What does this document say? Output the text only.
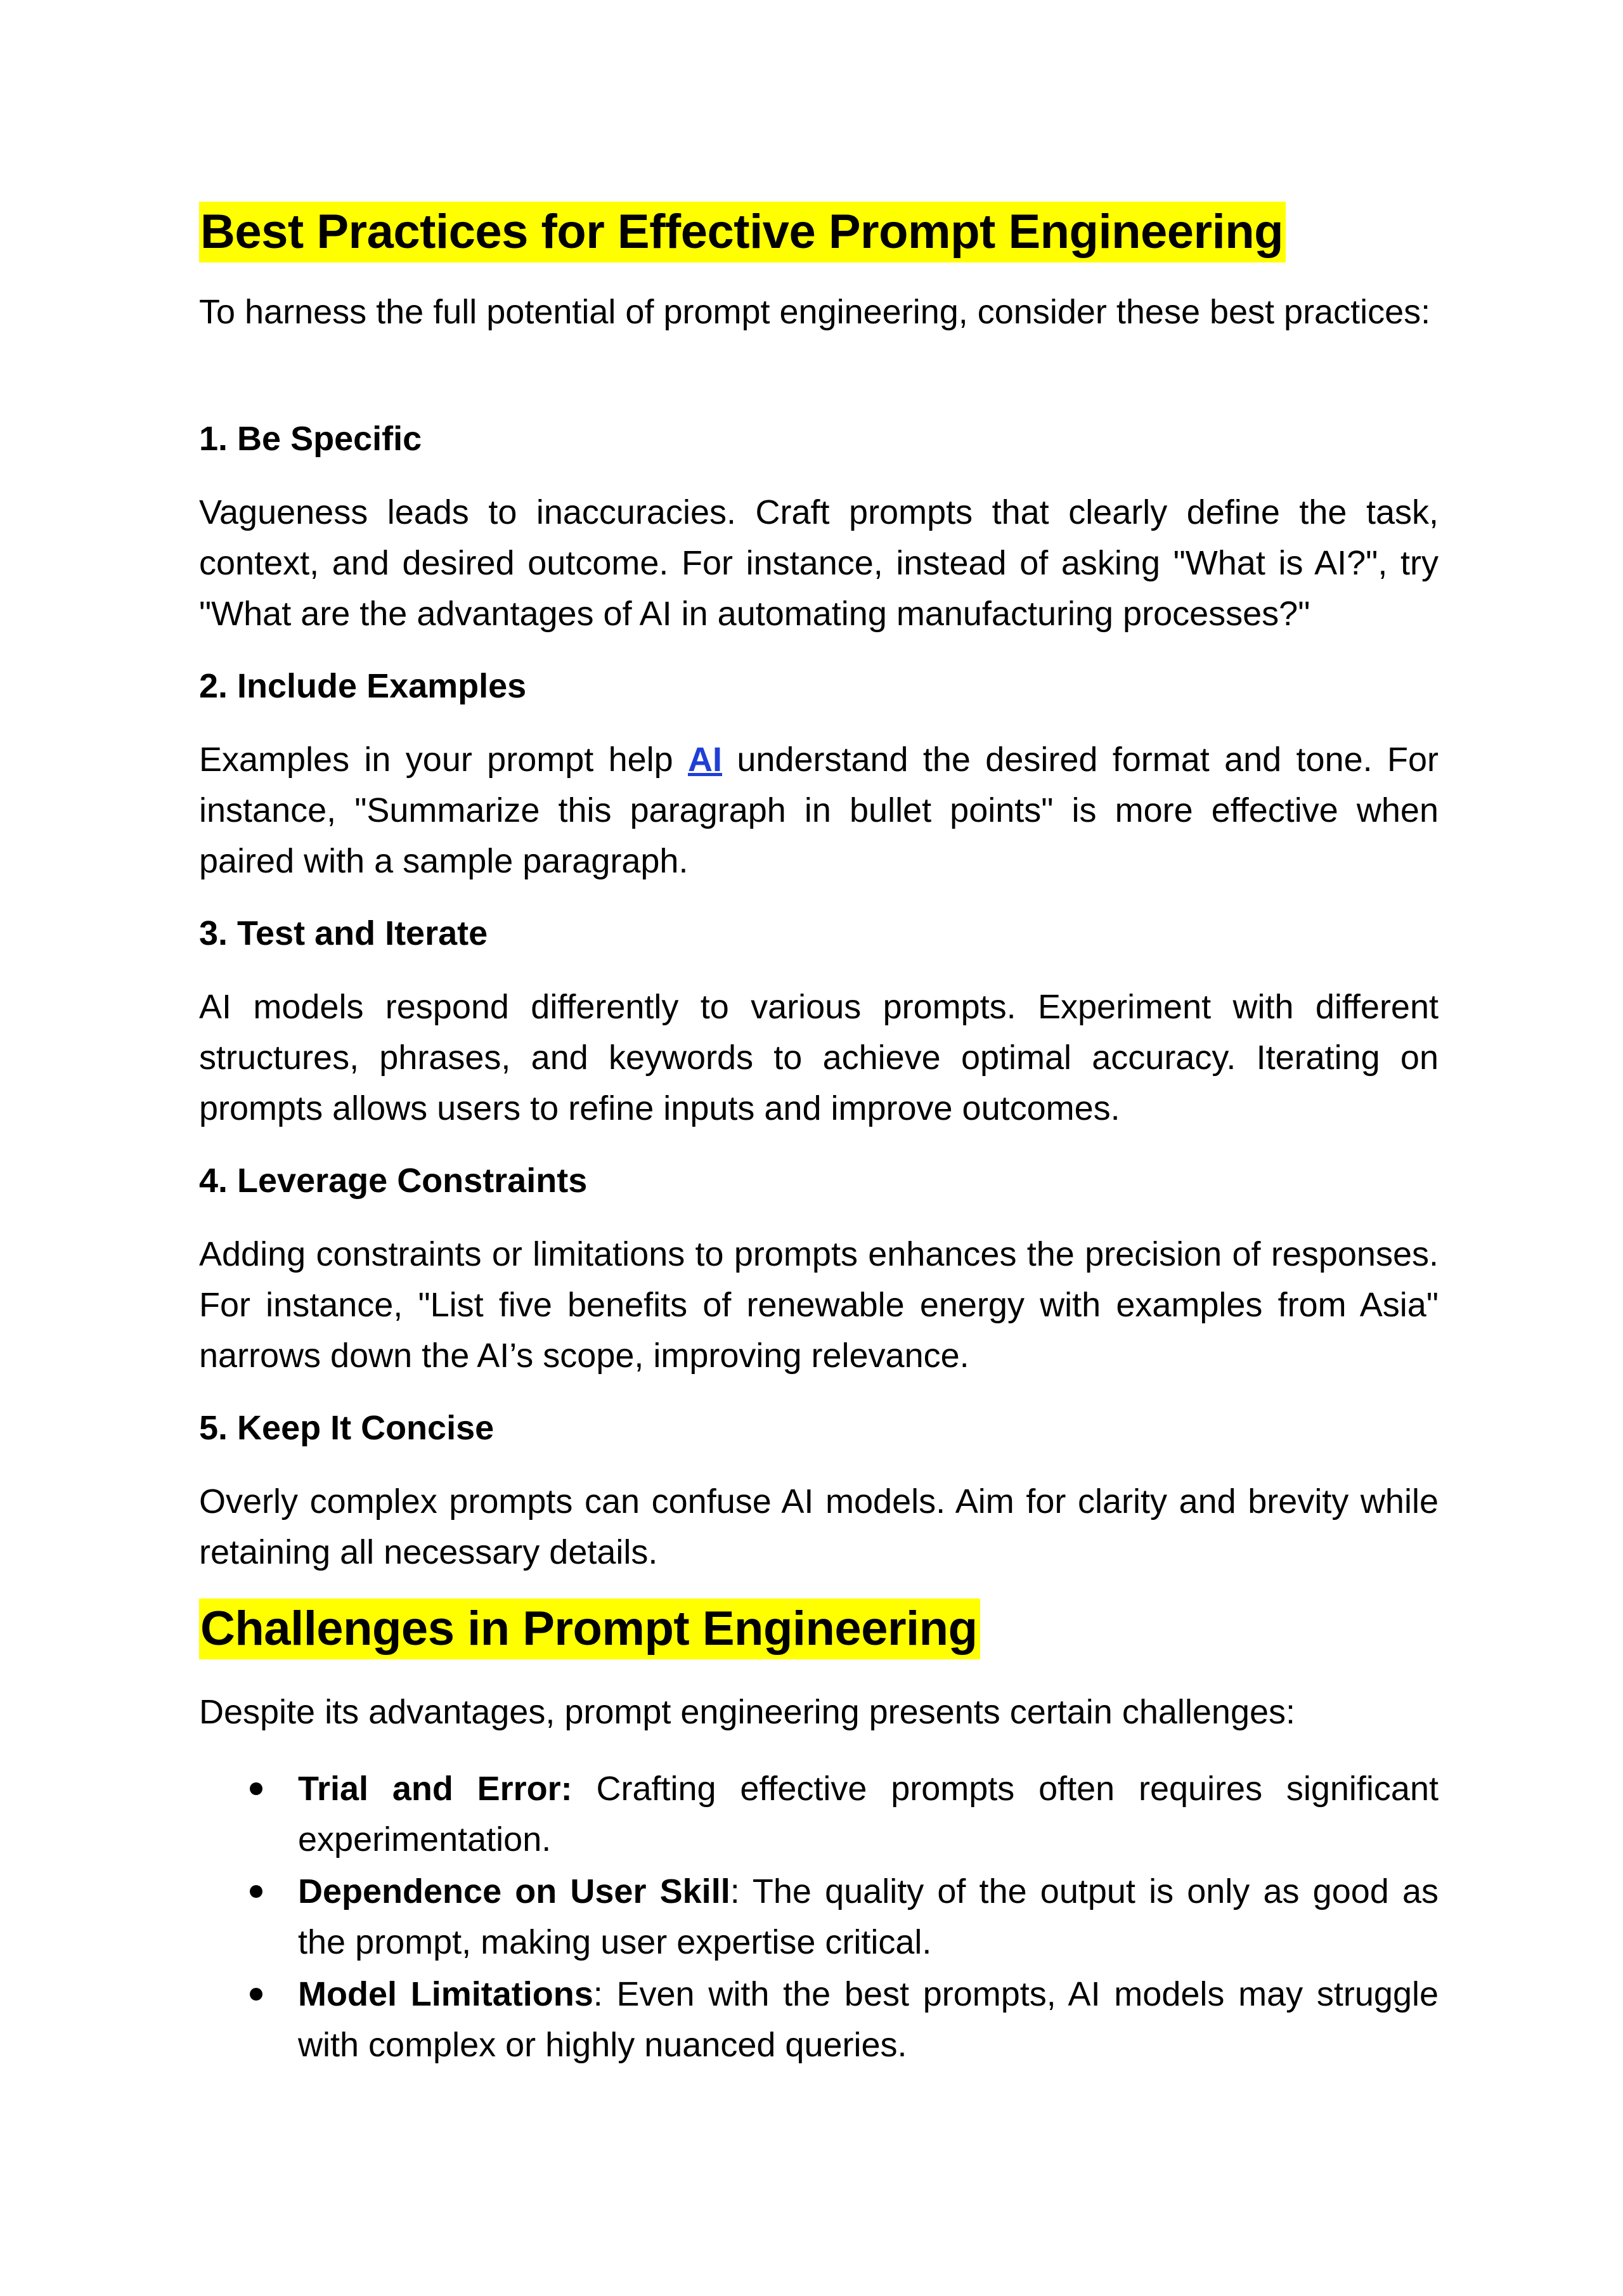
Best Practices for Effective Prompt Engineering

To harness the full potential of prompt engineering, consider these best practices:

1. Be Specific

Vagueness leads to inaccuracies. Craft prompts that clearly define the task, context, and desired outcome. For instance, instead of asking "What is AI?", try "What are the advantages of AI in automating manufacturing processes?"

2. Include Examples

Examples in your prompt help AI understand the desired format and tone. For instance, "Summarize this paragraph in bullet points" is more effective when paired with a sample paragraph.

3. Test and Iterate

AI models respond differently to various prompts. Experiment with different structures, phrases, and keywords to achieve optimal accuracy. Iterating on prompts allows users to refine inputs and improve outcomes.

4. Leverage Constraints

Adding constraints or limitations to prompts enhances the precision of responses. For instance, "List five benefits of renewable energy with examples from Asia" narrows down the AI’s scope, improving relevance.

5. Keep It Concise

Overly complex prompts can confuse AI models. Aim for clarity and brevity while retaining all necessary details.

Challenges in Prompt Engineering

Despite its advantages, prompt engineering presents certain challenges:

Trial and Error: Crafting effective prompts often requires significant experimentation.
Dependence on User Skill: The quality of the output is only as good as the prompt, making user expertise critical.
Model Limitations: Even with the best prompts, AI models may struggle with complex or highly nuanced queries.
